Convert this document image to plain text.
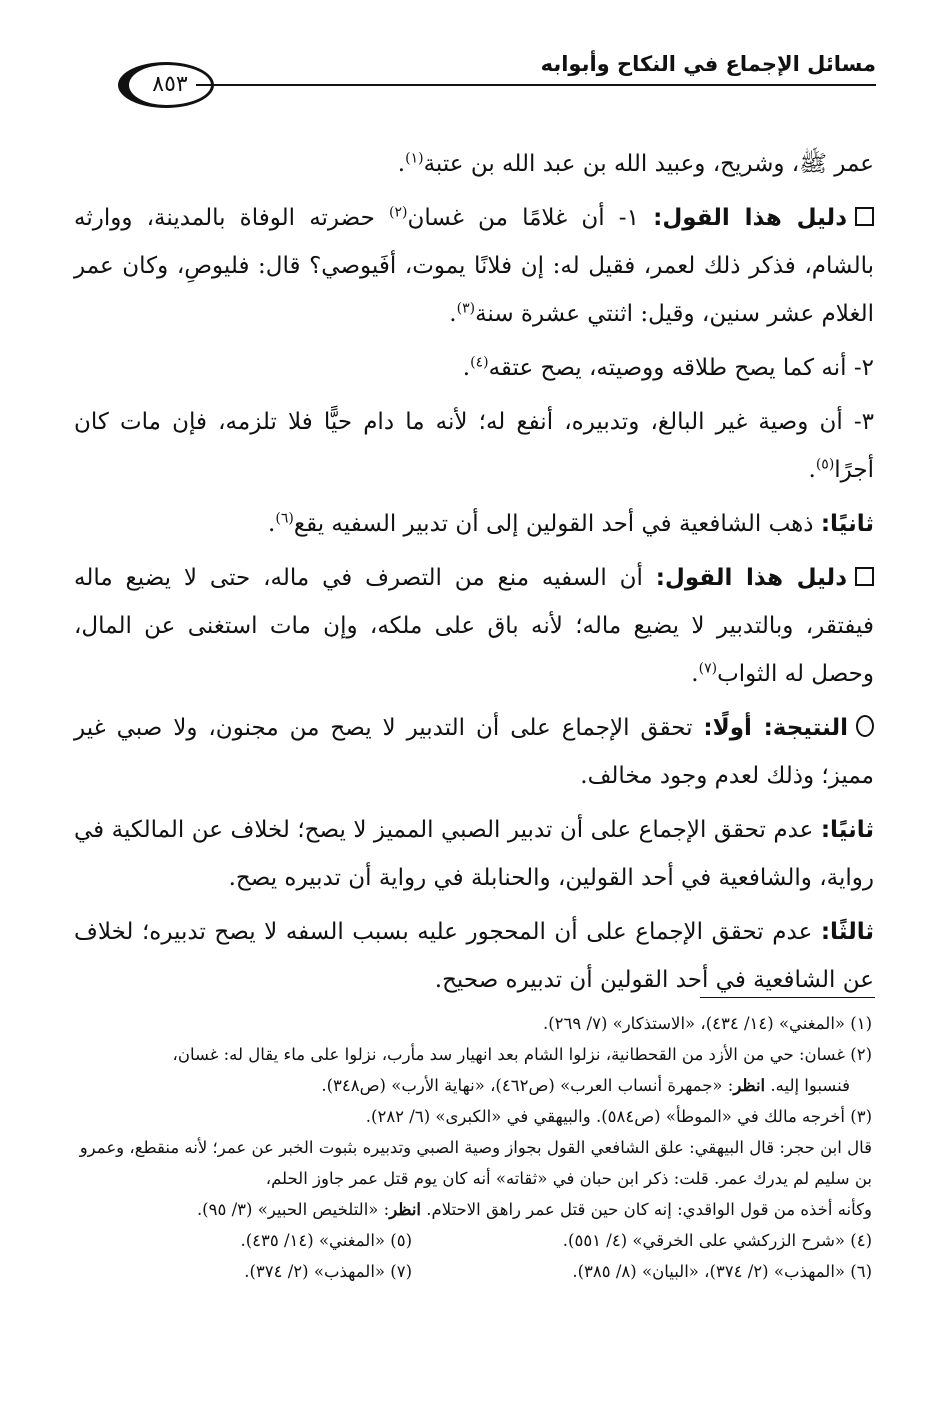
مسائل الإجماع في النكاح وأبوابه
٨٥٣

عمر ﷺ، وشريح، وعبيد الله بن عبد الله بن عتبة$^{(١)}$.

دليل هذا القول: ١- أن غلامًا من غسان$^{(٢)}$ حضرته الوفاة بالمدينة، ووارثه بالشام، فذكر ذلك لعمر، فقيل له: إن فلانًا يموت، أفَيوصي؟ قال: فليوصِ، وكان عمر الغلام عشر سنين، وقيل: اثنتي عشرة سنة$^{(٣)}$.

٢- أنه كما يصح طلاقه ووصيته، يصح عتقه$^{(٤)}$.

٣- أن وصية غير البالغ، وتدبيره، أنفع له؛ لأنه ما دام حيًّا فلا تلزمه، فإن مات كان أجرًا$^{(٥)}$.

ثانيًا: ذهب الشافعية في أحد القولين إلى أن تدبير السفيه يقع$^{(٦)}$.

دليل هذا القول: أن السفيه منع من التصرف في ماله، حتى لا يضيع ماله فيفتقر، وبالتدبير لا يضيع ماله؛ لأنه باق على ملكه، وإن مات استغنى عن المال، وحصل له الثواب$^{(٧)}$.

النتيجة: أولًا: تحقق الإجماع على أن التدبير لا يصح من مجنون، ولا صبي غير مميز؛ وذلك لعدم وجود مخالف.

ثانيًا: عدم تحقق الإجماع على أن تدبير الصبي المميز لا يصح؛ لخلاف عن المالكية في رواية، والشافعية في أحد القولين، والحنابلة في رواية أن تدبيره يصح.

ثالثًا: عدم تحقق الإجماع على أن المحجور عليه بسبب السفه لا يصح تدبيره؛ لخلاف عن الشافعية في أحد القولين أن تدبيره صحيح.

(١) «المغني» (١٤/ ٤٣٤)، «الاستذكار» (٧/ ٢٦٩).

(٢) غسان: حي من الأزد من القحطانية، نزلوا الشام بعد انهيار سد مأرب، نزلوا على ماء يقال له: غسان،

فنسبوا إليه. انظر: «جمهرة أنساب العرب» (ص٤٦٢)، «نهاية الأرب» (ص٣٤٨).

(٣) أخرجه مالك في «الموطأ» (ص٥٨٤). والبيهقي في «الكبرى» (٦/ ٢٨٢).

قال ابن حجر: قال البيهقي: علق الشافعي القول بجواز وصية الصبي وتدبيره بثبوت الخبر عن عمر؛ لأنه منقطع، وعمرو بن سليم لم يدرك عمر. قلت: ذكر ابن حبان في «ثقاته» أنه كان يوم قتل عمر جاوز الحلم،

وكأنه أخذه من قول الواقدي: إنه كان حين قتل عمر راهق الاحتلام. انظر: «التلخيص الحبير» (٣/ ٩٥).

(٤) «شرح الزركشي على الخرقي» (٤/ ٥٥١).
(٥) «المغني» (١٤/ ٤٣٥).
(٦) «المهذب» (٢/ ٣٧٤)، «البيان» (٨/ ٣٨٥).
(٧) «المهذب» (٢/ ٣٧٤).
